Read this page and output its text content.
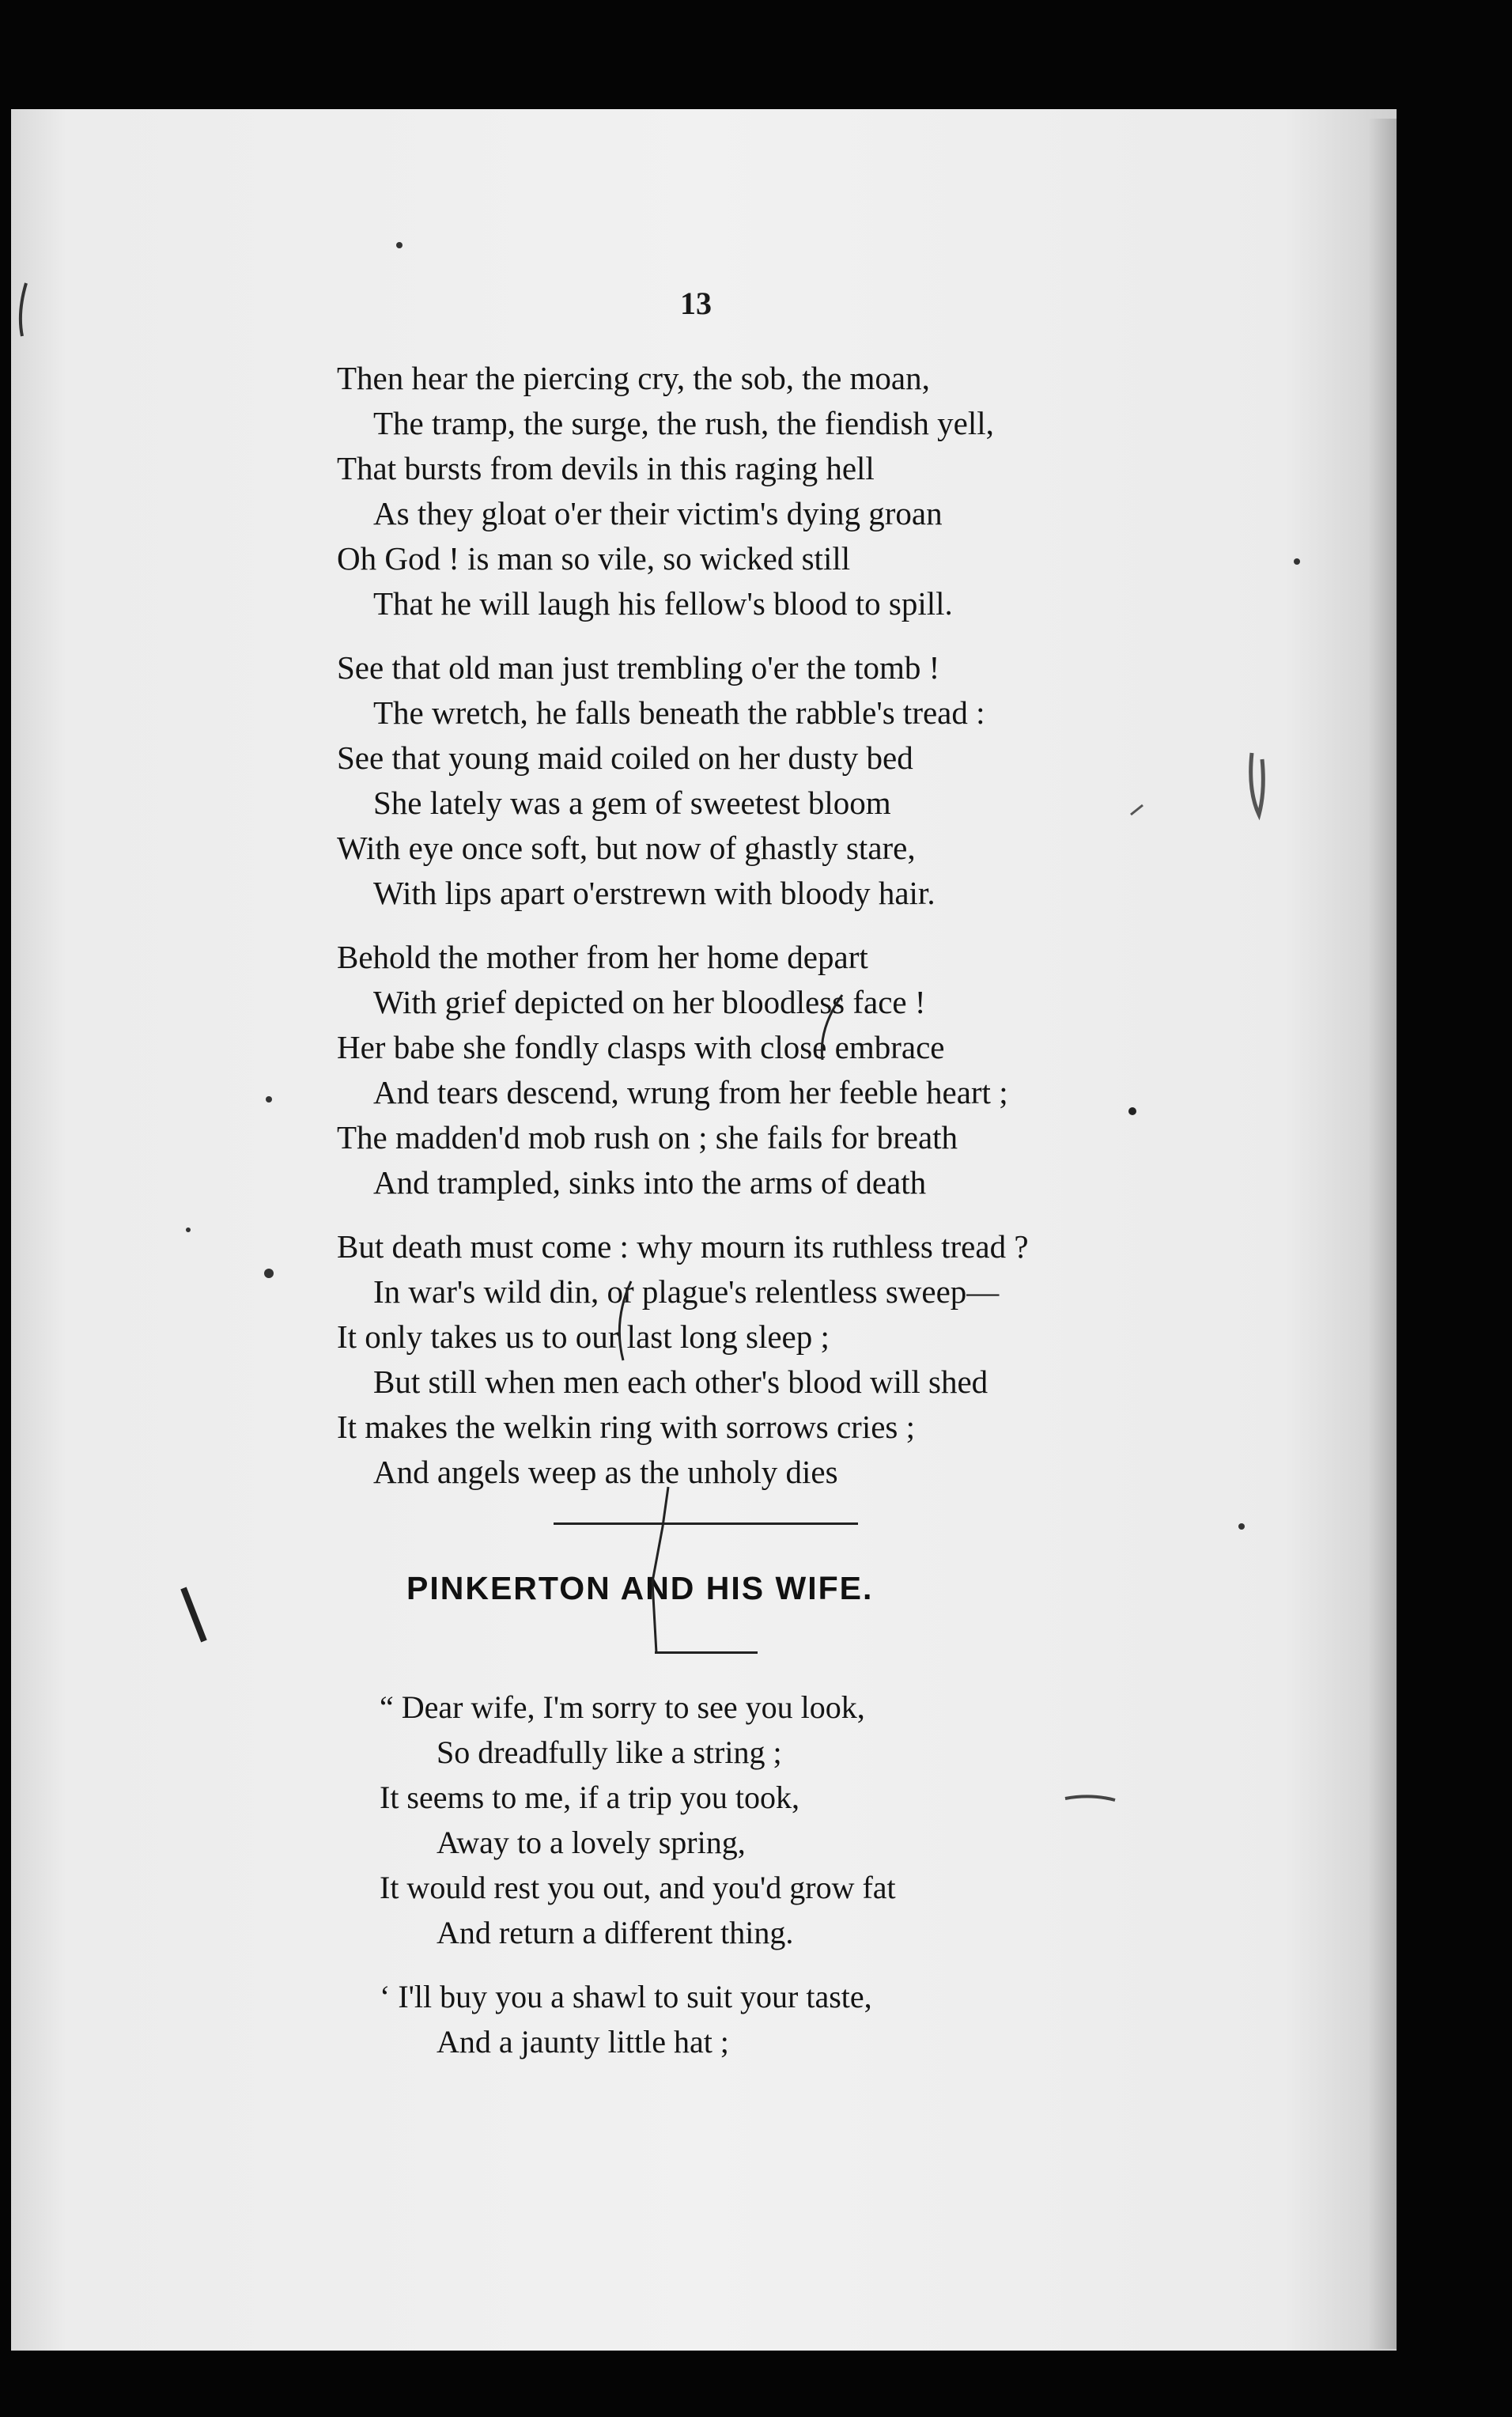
13
Then hear the piercing cry, the sob, the moan,
The tramp, the surge, the rush, the fiendish yell,
That bursts from devils in this raging hell
As they gloat o'er their victim's dying groan
Oh God ! is man so vile, so wicked still
That he will laugh his fellow's blood to spill.
See that old man just trembling o'er the tomb !
The wretch, he falls beneath the rabble's tread :
See that young maid coiled on her dusty bed
She lately was a gem of sweetest bloom
With eye once soft, but now of ghastly stare,
With lips apart o'erstrewn with bloody hair.
Behold the mother from her home depart
With grief depicted on her bloodless face !
Her babe she fondly clasps with close embrace
And tears descend, wrung from her feeble heart ;
The madden'd mob rush on ; she fails for breath
And trampled, sinks into the arms of death
But death must come : why mourn its ruthless tread ?
In war's wild din, or plague's relentless sweep—
It only takes us to our last long sleep ;
But still when men each other's blood will shed
It makes the welkin ring with sorrows cries ;
And angels weep as the unholy dies
PINKERTON AND HIS WIFE.
“ Dear wife, I'm sorry to see you look,
So dreadfully like a string ;
It seems to me, if a trip you took,
Away to a lovely spring,
It would rest you out, and you'd grow fat
And return a different thing.
‘ I'll buy you a shawl to suit your taste,
And a jaunty little hat ;
